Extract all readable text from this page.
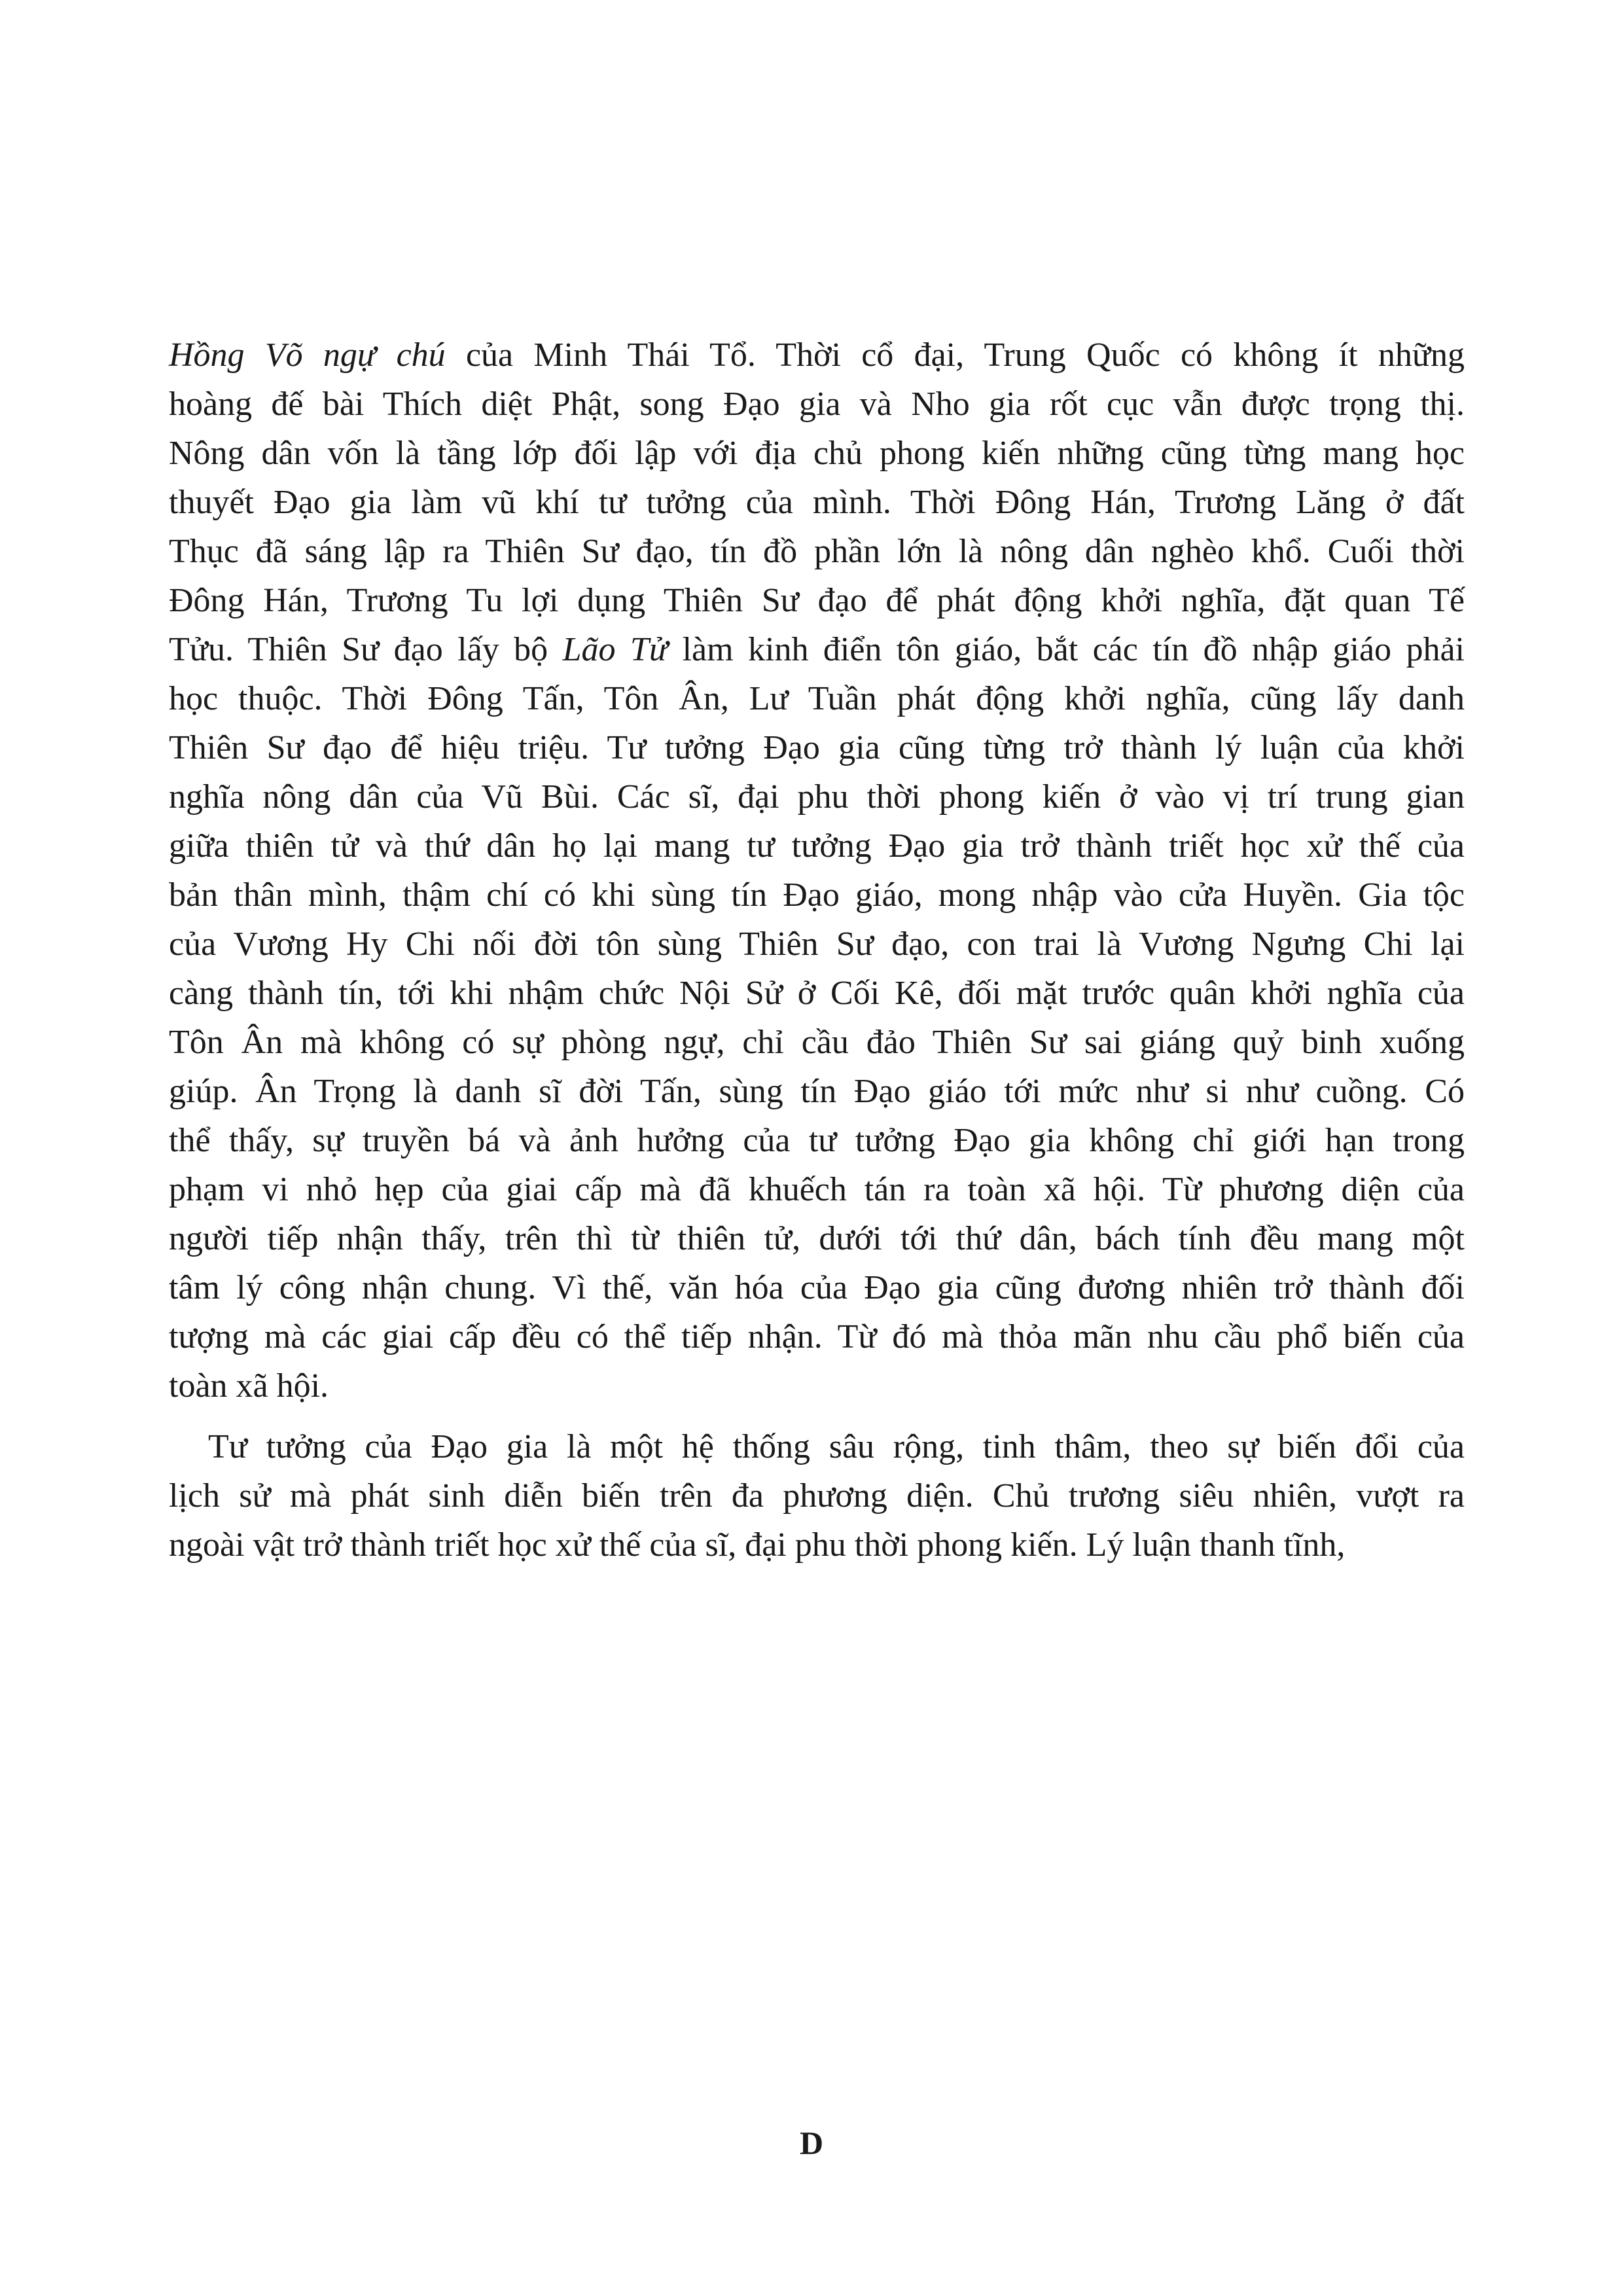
Hồng Võ ngự chú của Minh Thái Tổ. Thời cổ đại, Trung Quốc có không ít những
hoàng đế bài Thích diệt Phật, song Đạo gia và Nho gia rốt cục vẫn được trọng thị.
Nông dân vốn là tầng lớp đối lập với địa chủ phong kiến những cũng từng mang học
thuyết Đạo gia làm vũ khí tư tưởng của mình. Thời Đông Hán, Trương Lăng ở đất
Thục đã sáng lập ra Thiên Sư đạo, tín đồ phần lớn là nông dân nghèo khổ. Cuối thời
Đông Hán, Trương Tu lợi dụng Thiên Sư đạo để phát động khởi nghĩa, đặt quan Tế
Tửu. Thiên Sư đạo lấy bộ Lão Tử làm kinh điển tôn giáo, bắt các tín đồ nhập giáo phải
học thuộc. Thời Đông Tấn, Tôn Ân, Lư Tuần phát động khởi nghĩa, cũng lấy danh
Thiên Sư đạo để hiệu triệu. Tư tưởng Đạo gia cũng từng trở thành lý luận của khởi
nghĩa nông dân của Vũ Bùi. Các sĩ, đại phu thời phong kiến ở vào vị trí trung gian
giữa thiên tử và thứ dân họ lại mang tư tưởng Đạo gia trở thành triết học xử thế của
bản thân mình, thậm chí có khi sùng tín Đạo giáo, mong nhập vào cửa Huyền. Gia tộc
của Vương Hy Chi nối đời tôn sùng Thiên Sư đạo, con trai là Vương Ngưng Chi lại
càng thành tín, tới khi nhậm chức Nội Sử ở Cối Kê, đối mặt trước quân khởi nghĩa của
Tôn Ân mà không có sự phòng ngự, chỉ cầu đảo Thiên Sư sai giáng quỷ binh xuống
giúp. Ân Trọng là danh sĩ đời Tấn, sùng tín Đạo giáo tới mức như si như cuồng. Có
thể thấy, sự truyền bá và ảnh hưởng của tư tưởng Đạo gia không chỉ giới hạn trong
phạm vi nhỏ hẹp của giai cấp mà đã khuếch tán ra toàn xã hội. Từ phương diện của
người tiếp nhận thấy, trên thì từ thiên tử, dưới tới thứ dân, bách tính đều mang một
tâm lý công nhận chung. Vì thế, văn hóa của Đạo gia cũng đương nhiên trở thành đối
tượng mà các giai cấp đều có thể tiếp nhận. Từ đó mà thỏa mãn nhu cầu phổ biến của
toàn xã hội.
Tư tưởng của Đạo gia là một hệ thống sâu rộng, tinh thâm, theo sự biến đổi của
lịch sử mà phát sinh diễn biến trên đa phương diện. Chủ trương siêu nhiên, vượt ra
ngoài vật trở thành triết học xử thế của sĩ, đại phu thời phong kiến. Lý luận thanh tĩnh,
D
